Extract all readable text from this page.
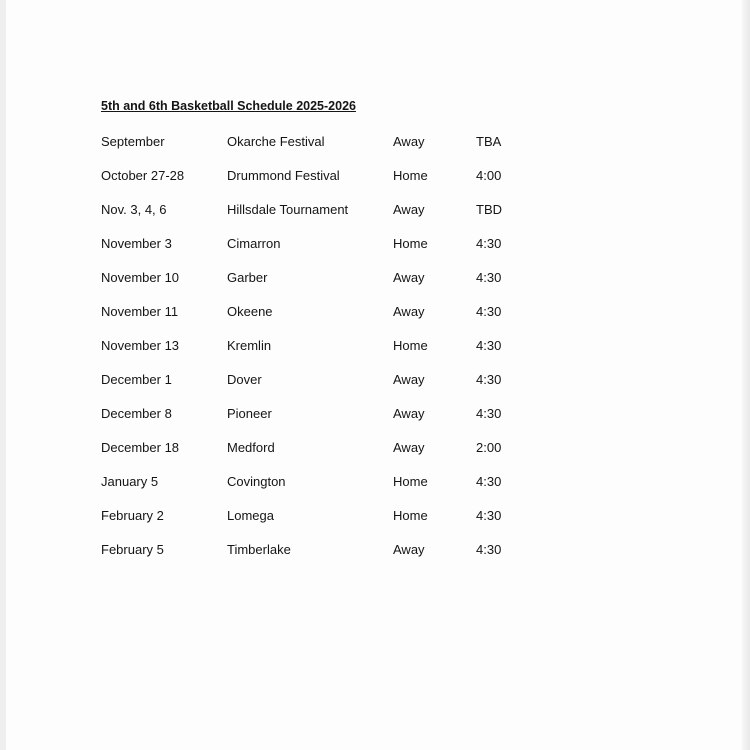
5th and 6th Basketball Schedule 2025-2026
September	Okarche Festival	Away	TBA
October 27-28	Drummond Festival	Home	4:00
Nov. 3, 4, 6	Hillsdale Tournament	Away	TBD
November 3	Cimarron	Home	4:30
November 10	Garber	Away	4:30
November 11	Okeene	Away	4:30
November 13	Kremlin	Home	4:30
December 1	Dover	Away	4:30
December 8	Pioneer	Away	4:30
December 18	Medford	Away	2:00
January 5	Covington	Home	4:30
February 2	Lomega	Home	4:30
February 5	Timberlake	Away	4:30
